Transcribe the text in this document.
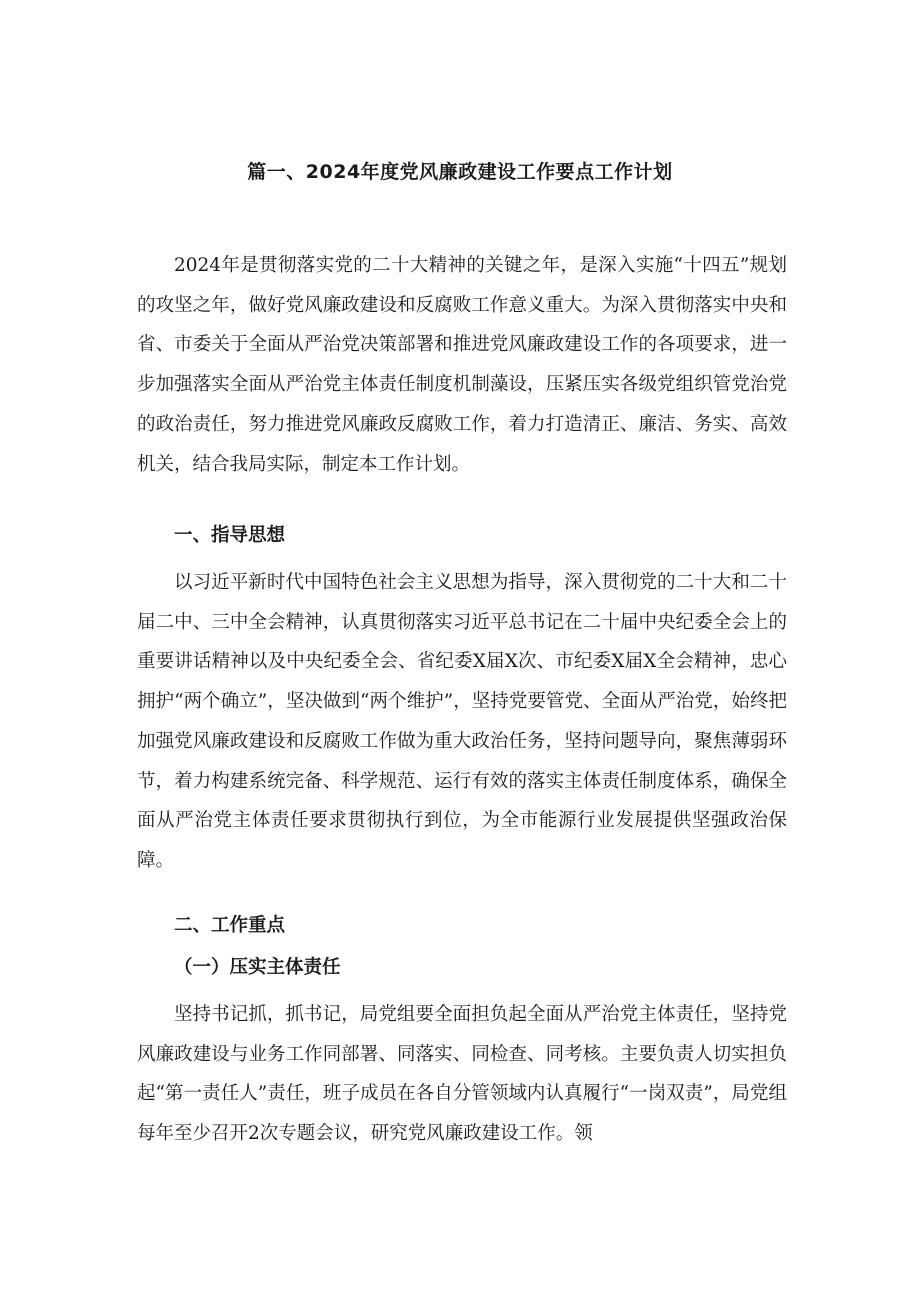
篇一、2024年度党风廉政建设工作要点工作计划

2024年是贯彻落实党的二十大精神的关键之年，是深入实施“十四五”规划的攻坚之年，做好党风廉政建设和反腐败工作意义重大。为深入贯彻落实中央和省、市委关于全面从严治党决策部署和推进党风廉政建设工作的各项要求，进一步加强落实全面从严治党主体责任制度机制藻设，压紧压实各级党组织管党治党的政治责任，努力推进党风廉政反腐败工作，着力打造清正、廉洁、务实、高效机关，结合我局实际，制定本工作计划。

一、指导思想

以习近平新时代中国特色社会主义思想为指导，深入贯彻党的二十大和二十届二中、三中全会精神，认真贯彻落实习近平总书记在二十届中央纪委全会上的重要讲话精神以及中央纪委全会、省纪委X届X次、市纪委X届X全会精神，忠心拥护“两个确立”，坚决做到“两个维护”，坚持党要管党、全面从严治党，始终把加强党风廉政建设和反腐败工作做为重大政治任务，坚持问题导向，聚焦薄弱环节，着力构建系统完备、科学规范、运行有效的落实主体责任制度体系，确保全面从严治党主体责任要求贯彻执行到位，为全市能源行业发展提供坚强政治保障。

二、工作重点
（一）压实主体责任

坚持书记抓，抓书记，局党组要全面担负起全面从严治党主体责任，坚持党风廉政建设与业务工作同部署、同落实、同检查、同考核。主要负责人切实担负起“第一责任人”责任，班子成员在各自分管领域内认真履行“一岗双责”，局党组每年至少召开2次专题会议，研究党风廉政建设工作。领
